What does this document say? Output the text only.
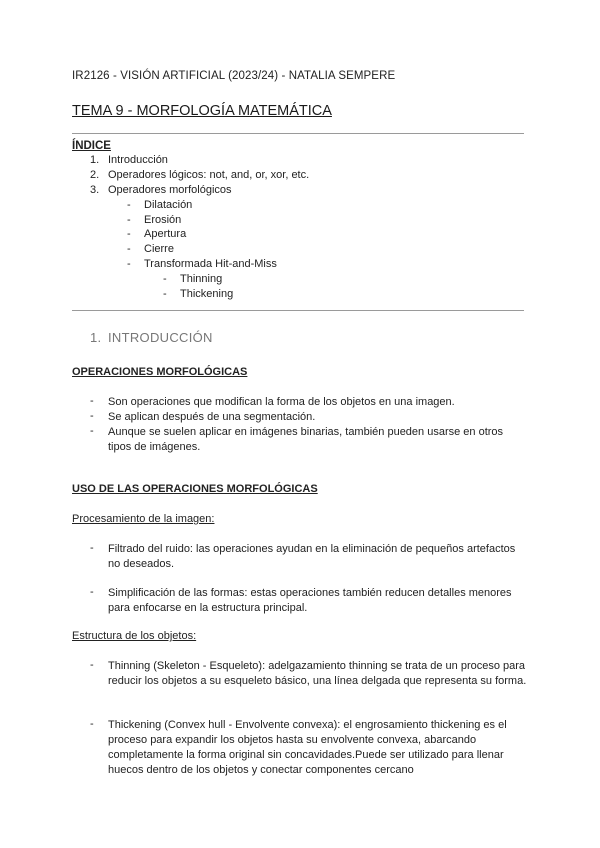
IR2126 - VISIÓN ARTIFICIAL (2023/24) - NATALIA SEMPERE
TEMA 9 - MORFOLOGÍA MATEMÁTICA
ÍNDICE
1. Introducción
2. Operadores lógicos: not, and, or, xor, etc.
3. Operadores morfológicos
- Dilatación
- Erosión
- Apertura
- Cierre
- Transformada Hit-and-Miss
- Thinning
- Thickening
1. INTRODUCCIÓN
OPERACIONES MORFOLÓGICAS
- Son operaciones que modifican la forma de los objetos en una imagen.
- Se aplican después de una segmentación.
- Aunque se suelen aplicar en imágenes binarias, también pueden usarse en otros tipos de imágenes.
USO DE LAS OPERACIONES MORFOLÓGICAS
Procesamiento de la imagen:
- Filtrado del ruido: las operaciones ayudan en la eliminación de pequeños artefactos no deseados.
- Simplificación de las formas: estas operaciones también reducen detalles menores para enfocarse en la estructura principal.
Estructura de los objetos:
- Thinning (Skeleton - Esqueleto): adelgazamiento thinning se trata de un proceso para reducir los objetos a su esqueleto básico, una línea delgada que representa su forma.
- Thickening (Convex hull - Envolvente convexa): el engrosamiento thickening es el proceso para expandir los objetos hasta su envolvente convexa, abarcando completamente la forma original sin concavidades.Puede ser utilizado para llenar huecos dentro de los objetos y conectar componentes cercano
